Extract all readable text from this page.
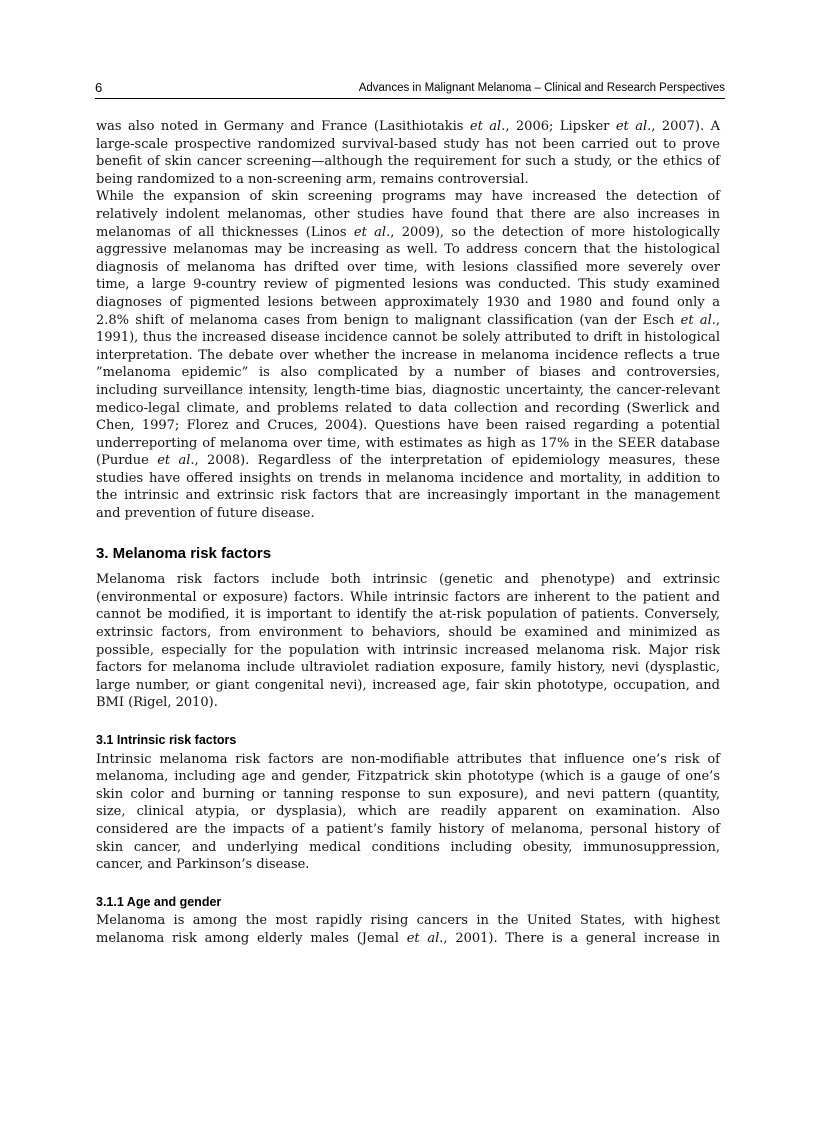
6	Advances in Malignant Melanoma – Clinical and Research Perspectives

was also noted in Germany and France (Lasithiotakis et al., 2006; Lipsker et al., 2007). A
large-scale prospective randomized survival-based study has not been carried out to prove
benefit of skin cancer screening—although the requirement for such a study, or the ethics of
being randomized to a non-screening arm, remains controversial.

While the expansion of skin screening programs may have increased the detection of
relatively indolent melanomas, other studies have found that there are also increases in
melanomas of all thicknesses (Linos et al., 2009), so the detection of more histologically
aggressive melanomas may be increasing as well. To address concern that the histological
diagnosis of melanoma has drifted over time, with lesions classified more severely over
time, a large 9-country review of pigmented lesions was conducted. This study examined
diagnoses of pigmented lesions between approximately 1930 and 1980 and found only a
2.8% shift of melanoma cases from benign to malignant classification (van der Esch et al.,
1991), thus the increased disease incidence cannot be solely attributed to drift in histological
interpretation. The debate over whether the increase in melanoma incidence reflects a true
”melanoma epidemic” is also complicated by a number of biases and controversies,
including surveillance intensity, length-time bias, diagnostic uncertainty, the cancer-relevant
medico-legal climate, and problems related to data collection and recording (Swerlick and
Chen, 1997; Florez and Cruces, 2004). Questions have been raised regarding a potential
underreporting of melanoma over time, with estimates as high as 17% in the SEER database
(Purdue et al., 2008). Regardless of the interpretation of epidemiology measures, these
studies have offered insights on trends in melanoma incidence and mortality, in addition to
the intrinsic and extrinsic risk factors that are increasingly important in the management
and prevention of future disease.

3. Melanoma risk factors

Melanoma risk factors include both intrinsic (genetic and phenotype) and extrinsic
(environmental or exposure) factors. While intrinsic factors are inherent to the patient and
cannot be modified, it is important to identify the at-risk population of patients. Conversely,
extrinsic factors, from environment to behaviors, should be examined and minimized as
possible, especially for the population with intrinsic increased melanoma risk. Major risk
factors for melanoma include ultraviolet radiation exposure, family history, nevi (dysplastic,
large number, or giant congenital nevi), increased age, fair skin phototype, occupation, and
BMI (Rigel, 2010).

3.1 Intrinsic risk factors

Intrinsic melanoma risk factors are non-modifiable attributes that influence one’s risk of
melanoma, including age and gender, Fitzpatrick skin phototype (which is a gauge of one’s
skin color and burning or tanning response to sun exposure), and nevi pattern (quantity,
size, clinical atypia, or dysplasia), which are readily apparent on examination. Also
considered are the impacts of a patient’s family history of melanoma, personal history of
skin cancer, and underlying medical conditions including obesity, immunosuppression,
cancer, and Parkinson’s disease.

3.1.1 Age and gender

Melanoma is among the most rapidly rising cancers in the United States, with highest
melanoma risk among elderly males (Jemal et al., 2001). There is a general increase in
